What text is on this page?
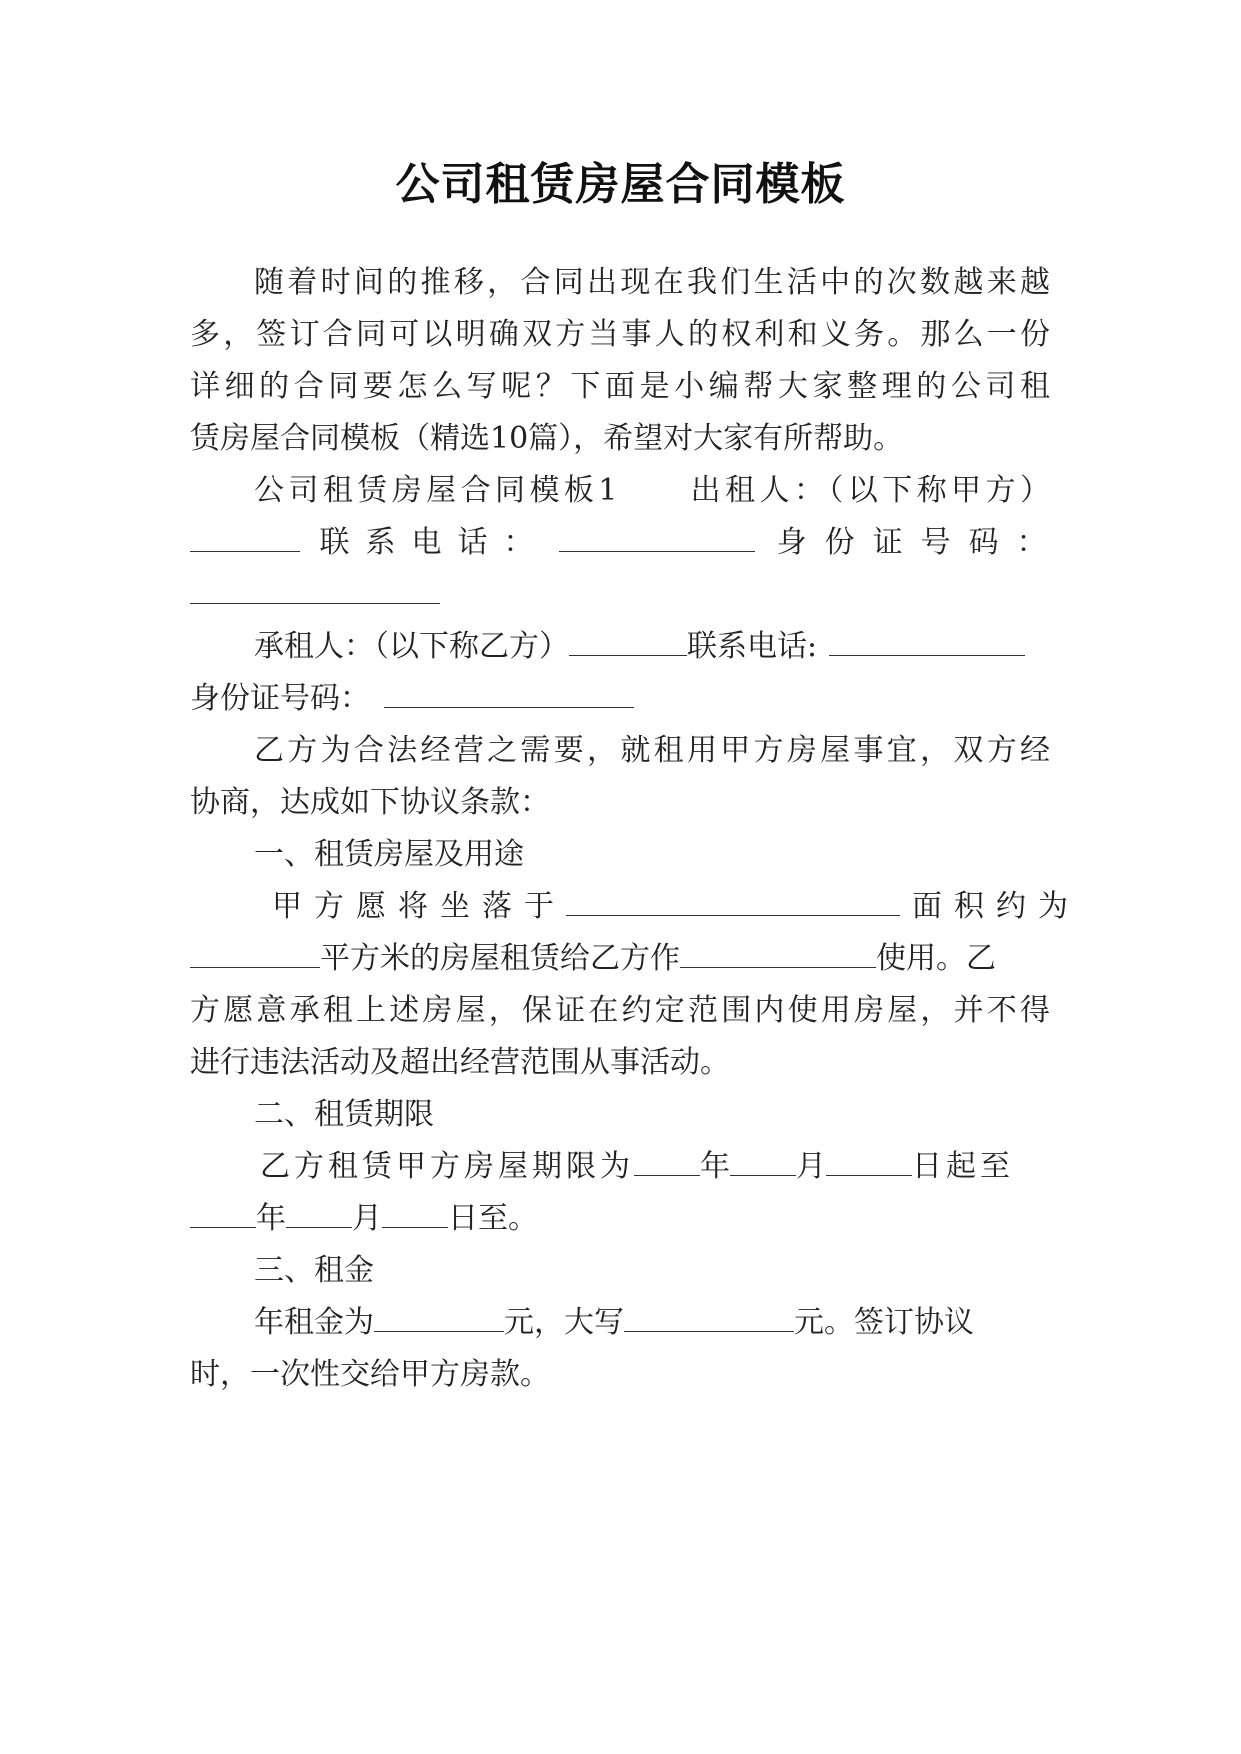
公司租赁房屋合同模板

随着时间的推移，合同出现在我们生活中的次数越来越

多，签订合同可以明确双方当事人的权利和义务。那么一份

详细的合同要怎么写呢？下面是小编帮大家整理的公司租

赁房屋合同模板（精选10篇），希望对大家有所帮助。

公司租赁房屋合同模板1　　出租人：（以下称甲方）

联系电话：	身份证号码：
承租人：（以下称乙方）	联系电话:
身份证号码：

乙方为合法经营之需要，就租用甲方房屋事宜，双方经

协商，达成如下协议条款：

一、租赁房屋及用途

甲方愿将坐落于	面积约为
平方米的房屋租赁给乙方作	使用。乙

方愿意承租上述房屋，保证在约定范围内使用房屋，并不得

进行违法活动及超出经营范围从事活动。

二、租赁期限

乙方租赁甲方房屋期限为 年 月	日起至
年 月 日至。

三、租金

年租金为	元，大写	元。签订协议

时，一次性交给甲方房款。
